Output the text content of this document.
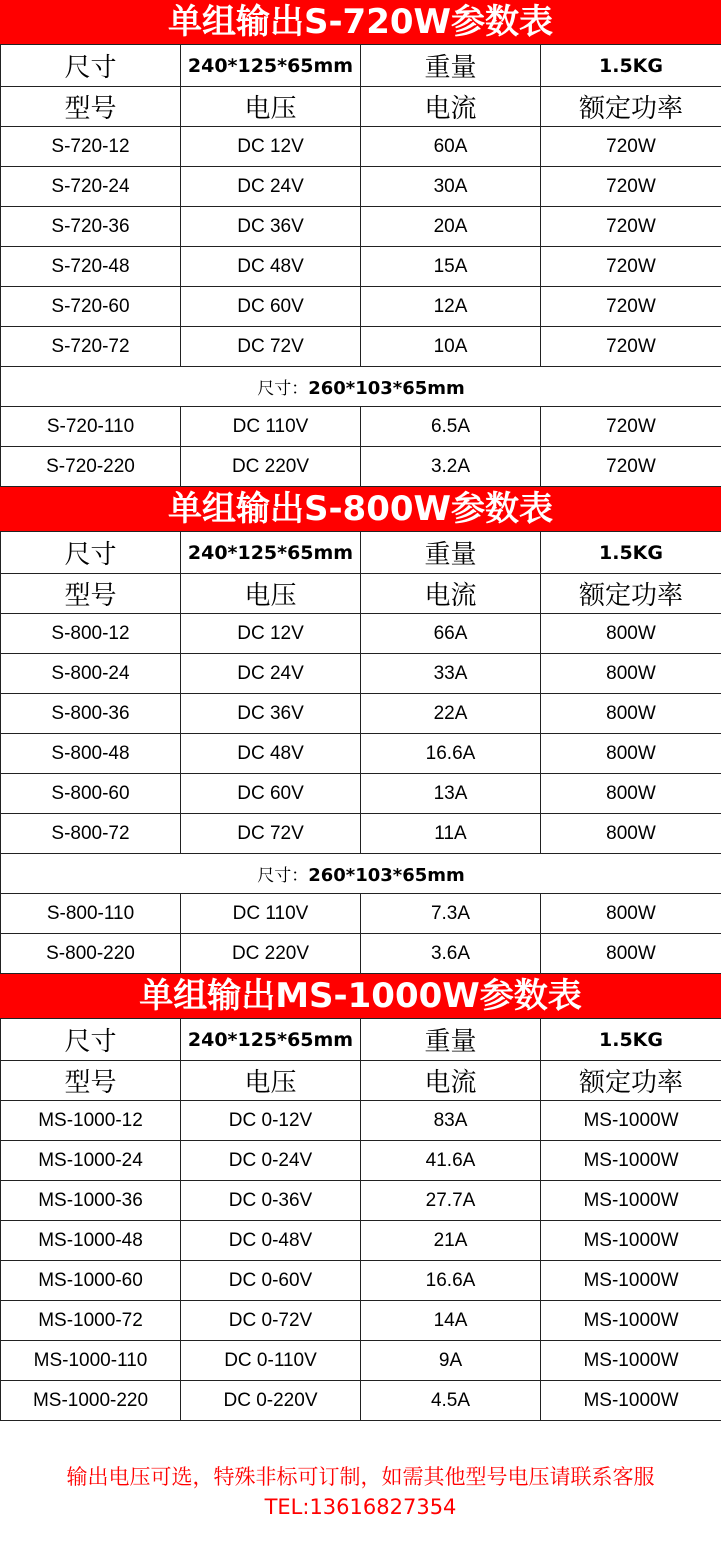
单组输出S-720W参数表
尺寸	240*125*65mm	重量	1.5KG
型号	电压	电流	额定功率
S-720-12	DC 12V	60A	720W
S-720-24	DC 24V	30A	720W
S-720-36	DC 36V	20A	720W
S-720-48	DC 48V	15A	720W
S-720-60	DC 60V	12A	720W
S-720-72	DC 72V	10A	720W
尺寸：260*103*65mm			
S-720-110	DC 110V	6.5A	720W
S-720-220	DC 220V	3.2A	720W
单组输出S-800W参数表
尺寸	240*125*65mm	重量	1.5KG
型号	电压	电流	额定功率
S-800-12	DC 12V	66A	800W
S-800-24	DC 24V	33A	800W
S-800-36	DC 36V	22A	800W
S-800-48	DC 48V	16.6A	800W
S-800-60	DC 60V	13A	800W
S-800-72	DC 72V	11A	800W
尺寸：260*103*65mm			
S-800-110	DC 110V	7.3A	800W
S-800-220	DC 220V	3.6A	800W
单组输出MS-1000W参数表
尺寸	240*125*65mm	重量	1.5KG
型号	电压	电流	额定功率
MS-1000-12	DC 0-12V	83A	MS-1000W
MS-1000-24	DC 0-24V	41.6A	MS-1000W
MS-1000-36	DC 0-36V	27.7A	MS-1000W
MS-1000-48	DC 0-48V	21A	MS-1000W
MS-1000-60	DC 0-60V	16.6A	MS-1000W
MS-1000-72	DC 0-72V	14A	MS-1000W
MS-1000-110	DC 0-110V	9A	MS-1000W
MS-1000-220	DC 0-220V	4.5A	MS-1000W
输出电压可选，特殊非标可订制，如需其他型号电压请联系客服
TEL:13616827354
